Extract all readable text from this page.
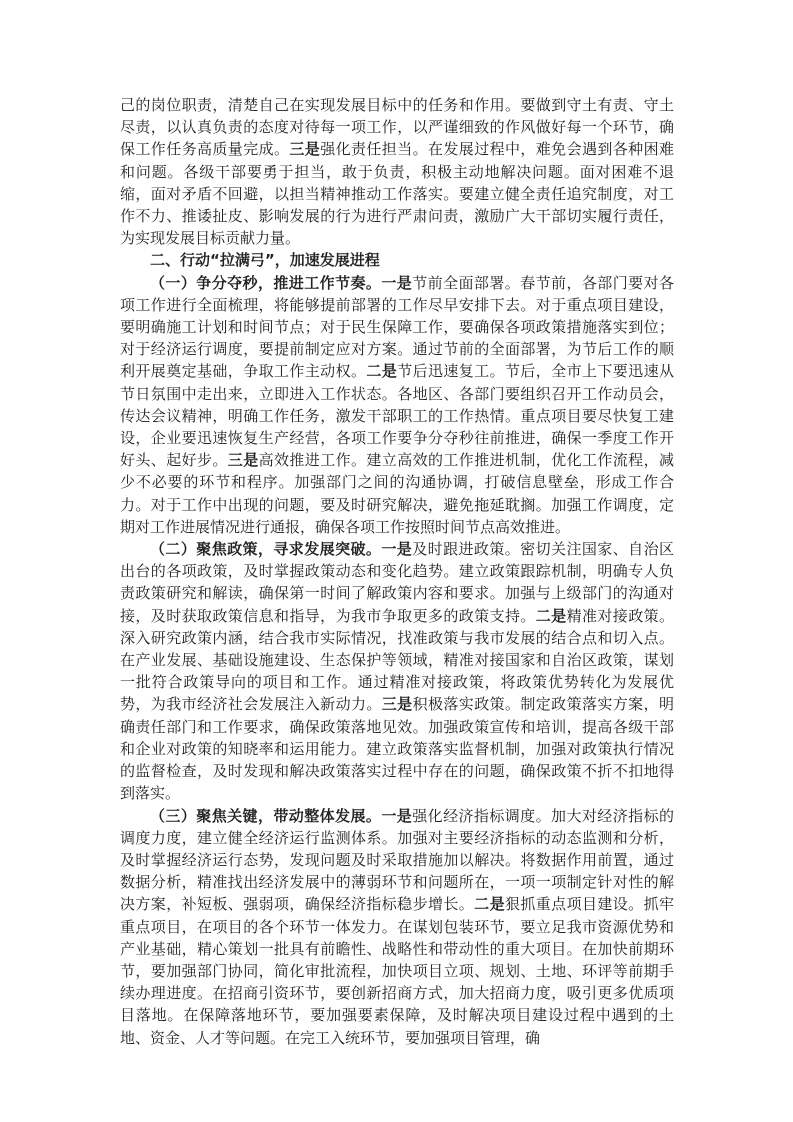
己的岗位职责，清楚自己在实现发展目标中的任务和作用。要做到守土有责、守土尽责，以认真负责的态度对待每一项工作，以严谨细致的作风做好每一个环节，确保工作任务高质量完成。三是强化责任担当。在发展过程中，难免会遇到各种困难和问题。各级干部要勇于担当，敢于负责，积极主动地解决问题。面对困难不退缩，面对矛盾不回避，以担当精神推动工作落实。要建立健全责任追究制度，对工作不力、推诿扯皮、影响发展的行为进行严肃问责，激励广大干部切实履行责任，为实现发展目标贡献力量。

二、行动“拉满弓”，加速发展进程

（一）争分夺秒，推进工作节奏。一是节前全面部署。春节前，各部门要对各项工作进行全面梳理，将能够提前部署的工作尽早安排下去。对于重点项目建设，要明确施工计划和时间节点；对于民生保障工作，要确保各项政策措施落实到位；对于经济运行调度，要提前制定应对方案。通过节前的全面部署，为节后工作的顺利开展奠定基础，争取工作主动权。二是节后迅速复工。节后，全市上下要迅速从节日氛围中走出来，立即进入工作状态。各地区、各部门要组织召开工作动员会，传达会议精神，明确工作任务，激发干部职工的工作热情。重点项目要尽快复工建设，企业要迅速恢复生产经营，各项工作要争分夺秒往前推进，确保一季度工作开好头、起好步。三是高效推进工作。建立高效的工作推进机制，优化工作流程，减少不必要的环节和程序。加强部门之间的沟通协调，打破信息壁垒，形成工作合力。对于工作中出现的问题，要及时研究解决，避免拖延耽搁。加强工作调度，定期对工作进展情况进行通报，确保各项工作按照时间节点高效推进。

（二）聚焦政策，寻求发展突破。一是及时跟进政策。密切关注国家、自治区出台的各项政策，及时掌握政策动态和变化趋势。建立政策跟踪机制，明确专人负责政策研究和解读，确保第一时间了解政策内容和要求。加强与上级部门的沟通对接，及时获取政策信息和指导，为我市争取更多的政策支持。二是精准对接政策。深入研究政策内涵，结合我市实际情况，找准政策与我市发展的结合点和切入点。在产业发展、基础设施建设、生态保护等领域，精准对接国家和自治区政策，谋划一批符合政策导向的项目和工作。通过精准对接政策，将政策优势转化为发展优势，为我市经济社会发展注入新动力。三是积极落实政策。制定政策落实方案，明确责任部门和工作要求，确保政策落地见效。加强政策宣传和培训，提高各级干部和企业对政策的知晓率和运用能力。建立政策落实监督机制，加强对政策执行情况的监督检查，及时发现和解决政策落实过程中存在的问题，确保政策不折不扣地得到落实。

（三）聚焦关键，带动整体发展。一是强化经济指标调度。加大对经济指标的调度力度，建立健全经济运行监测体系。加强对主要经济指标的动态监测和分析，及时掌握经济运行态势，发现问题及时采取措施加以解决。将数据作用前置，通过数据分析，精准找出经济发展中的薄弱环节和问题所在，一项一项制定针对性的解决方案，补短板、强弱项，确保经济指标稳步增长。二是狠抓重点项目建设。抓牢重点项目，在项目的各个环节一体发力。在谋划包装环节，要立足我市资源优势和产业基础，精心策划一批具有前瞻性、战略性和带动性的重大项目。在加快前期环节，要加强部门协同，简化审批流程，加快项目立项、规划、土地、环评等前期手续办理进度。在招商引资环节，要创新招商方式，加大招商力度，吸引更多优质项目落地。在保障落地环节，要加强要素保障，及时解决项目建设过程中遇到的土地、资金、人才等问题。在完工入统环节，要加强项目管理，确
